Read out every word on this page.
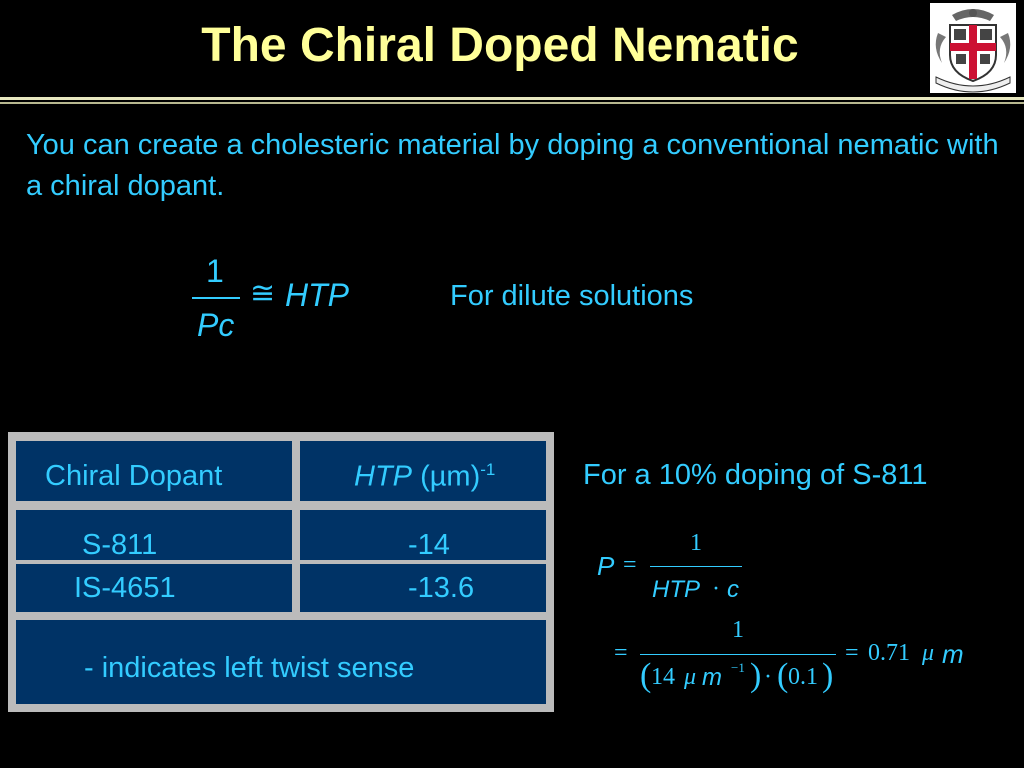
The Chiral Doped Nematic

You can create a cholesteric material by doping a conventional nematic with a chiral dopant.

1
Pc
≅ HTP	For dilute solutions
Chiral Dopant	HTP $(\mu m)^{-1}$
S-811	-14
IS-4651	-13.6
- indicates left twist sense
For a 10% doping of S-811
P =
1
HTP · c
=
1
( 14 μ m −1 ) · ( 0.1 )
= 0.71 μ m
